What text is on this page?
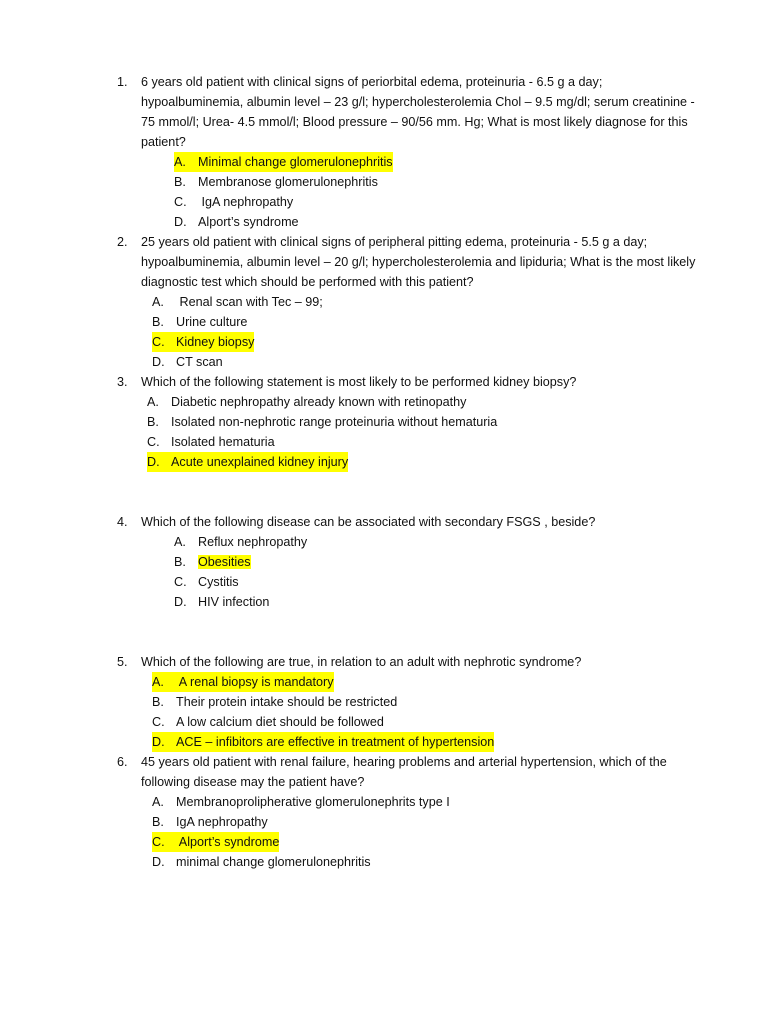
1. 6 years old patient with clinical signs of periorbital edema, proteinuria - 6.5 g a day; hypoalbuminemia, albumin level – 23 g/l; hypercholesterolemia Chol – 9.5 mg/dl; serum creatinine - 75 mmol/l; Urea- 4.5 mmol/l; Blood pressure – 90/56 mm. Hg; What is most likely diagnose for this patient?
A. Minimal change glomerulonephritis
B. Membranose glomerulonephritis
C. IgA nephropathy
D. Alport’s syndrome
2. 25 years old patient with clinical signs of peripheral pitting edema, proteinuria - 5.5 g a day; hypoalbuminemia, albumin level – 20 g/l; hypercholesterolemia and lipiduria; What is the most likely diagnostic test which should be performed with this patient?
A. Renal scan with Tec – 99;
B. Urine culture
C. Kidney biopsy
D. CT scan
3. Which of the following statement is most likely to be performed kidney biopsy?
A. Diabetic nephropathy already known with retinopathy
B. Isolated non-nephrotic range proteinuria without hematuria
C. Isolated hematuria
D. Acute unexplained kidney injury
4. Which of the following disease can be associated with secondary FSGS , beside?
A. Reflux nephropathy
B. Obesities
C. Cystitis
D. HIV infection
5. Which of the following are true, in relation to an adult with nephrotic syndrome?
A. A renal biopsy is mandatory
B. Their protein intake should be restricted
C. A low calcium diet should be followed
D. ACE – infibitors are effective in treatment of hypertension
6. 45 years old patient with renal failure, hearing problems and arterial hypertension, which of the following disease may the patient have?
A. Membranoprolipherative glomerulonephrits type I
B. IgA nephropathy
C. Alport’s syndrome
D. minimal change glomerulonephritis
